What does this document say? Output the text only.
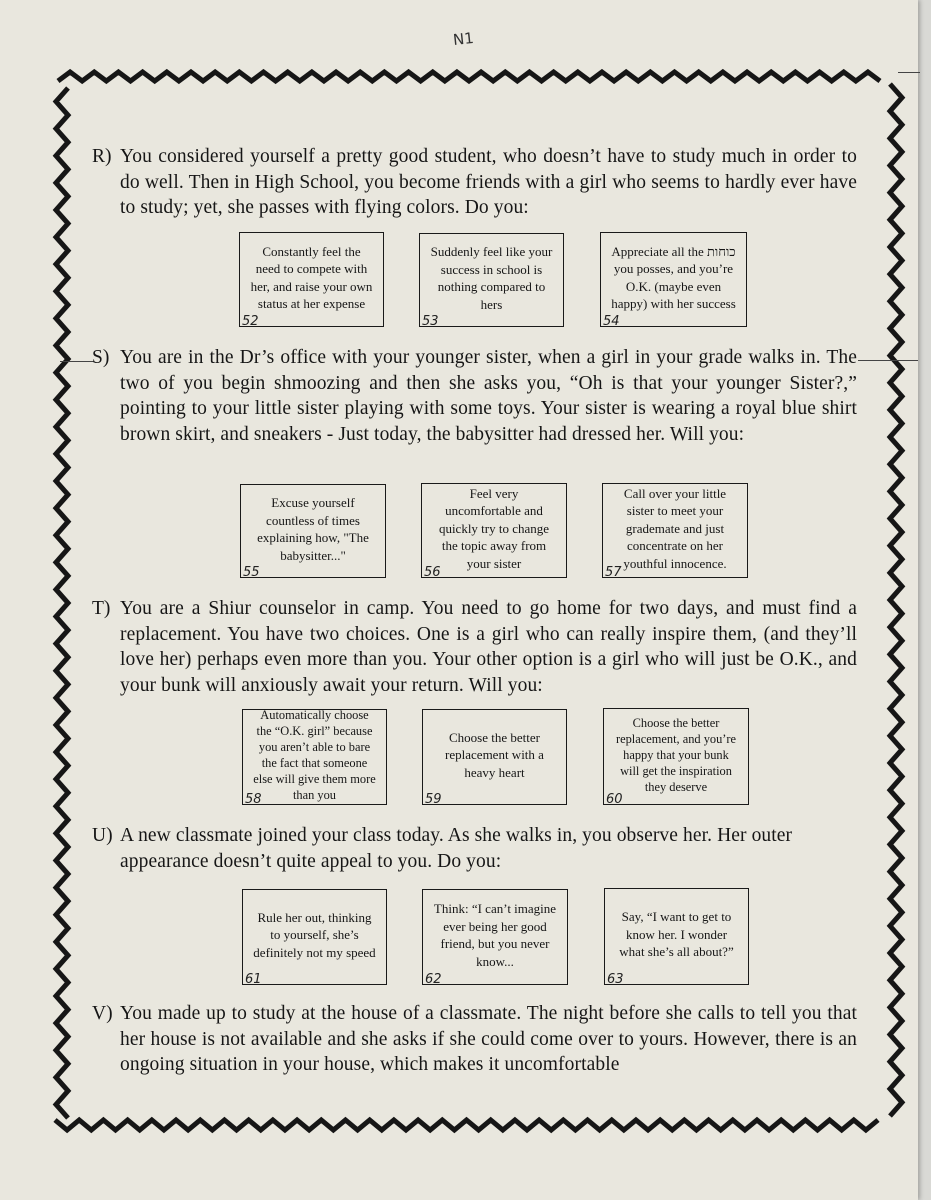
N1
R) You considered yourself a pretty good student, who doesn’t have to study much in order to do well. Then in High School, you become friends with a girl who seems to hardly ever have to study; yet, she passes with flying colors. Do you:
Constantly feel the need to compete with her, and raise your own status at her expense
52
Suddenly feel like your success in school is nothing compared to hers
53
Appreciate all the כוחות you posses, and you’re O.K. (maybe even happy) with her success
54
S) You are in the Dr’s office with your younger sister, when a girl in your grade walks in. The two of you begin shmoozing and then she asks you, “Oh is that your younger Sister?,” pointing to your little sister playing with some toys. Your sister is wearing a royal blue shirt brown skirt, and sneakers - Just today, the babysitter had dressed her. Will you:
Excuse yourself countless of times explaining how, "The babysitter..."
55
Feel very uncomfortable and quickly try to change the topic away from your sister
56
Call over your little sister to meet your grademate and just concentrate on her youthful innocence.
57
T) You are a Shiur counselor in camp. You need to go home for two days, and must find a replacement. You have two choices. One is a girl who can really inspire them, (and they’ll love her) perhaps even more than you. Your other option is a girl who will just be O.K., and your bunk will anxiously await your return. Will you:
Automatically choose the “O.K. girl” because you aren’t able to bare the fact that someone else will give them more than you
58
Choose the better replacement with a heavy heart
59
Choose the better replacement, and you’re happy that your bunk will get the inspiration they deserve
60
U) A new classmate joined your class today. As she walks in, you observe her. Her outer appearance doesn’t quite appeal to you. Do you:
Rule her out, thinking to yourself, she’s definitely not my speed
61
Think: “I can’t imagine ever being her good friend, but you never know...
62
Say, “I want to get to know her. I wonder what she’s all about?”
63
V) You made up to study at the house of a classmate. The night before she calls to tell you that her house is not available and she asks if she could come over to yours. However, there is an ongoing situation in your house, which makes it uncomfortable
